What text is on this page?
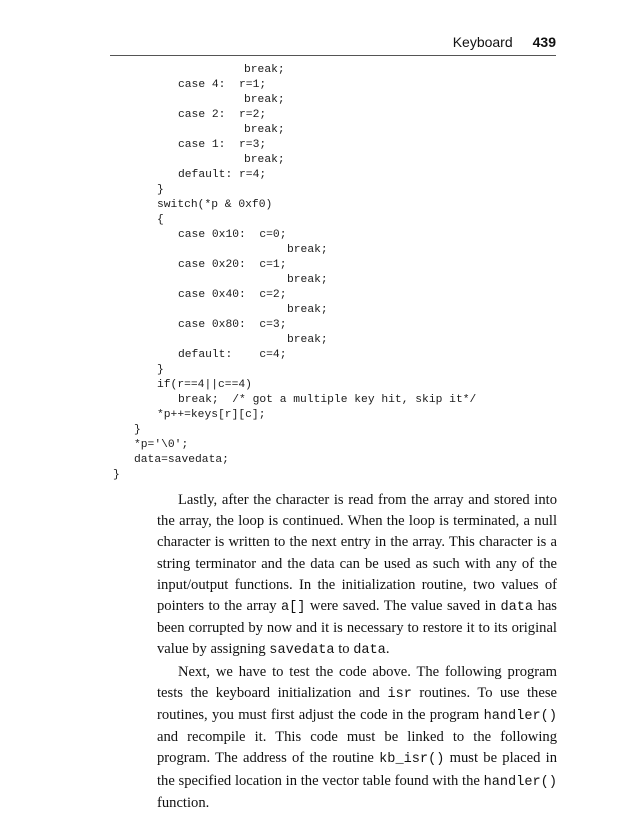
Keyboard 439
break;
case 4:  r=1;
break;
case 2:  r=2;
break;
case 1:  r=3;
break;
default: r=4;
}
switch(*p & 0xf0)
{
case 0x10:  c=0;
break;
case 0x20:  c=1;
break;
case 0x40:  c=2;
break;
case 0x80:  c=3;
break;
default:    c=4;
}
if(r==4||c==4)
break;  /* got a multiple key hit, skip it*/
*p++=keys[r][c];
}
*p='\0';
data=savedata;
}

Lastly, after the character is read from the array and stored into the array, the loop is continued. When the loop is terminated, a null character is written to the next entry in the array. This character is a string terminator and the data can be used as such with any of the input/output functions. In the initialization routine, two values of pointers to the array a[] were saved. The value saved in data has been corrupted by now and it is necessary to restore it to its original value by assigning savedata to data.

Next, we have to test the code above. The following program tests the keyboard initialization and isr routines. To use these routines, you must first adjust the code in the program handler() and recompile it. This code must be linked to the following program. The address of the routine kb_isr() must be placed in the specified location in the vector table found with the handler() function.
